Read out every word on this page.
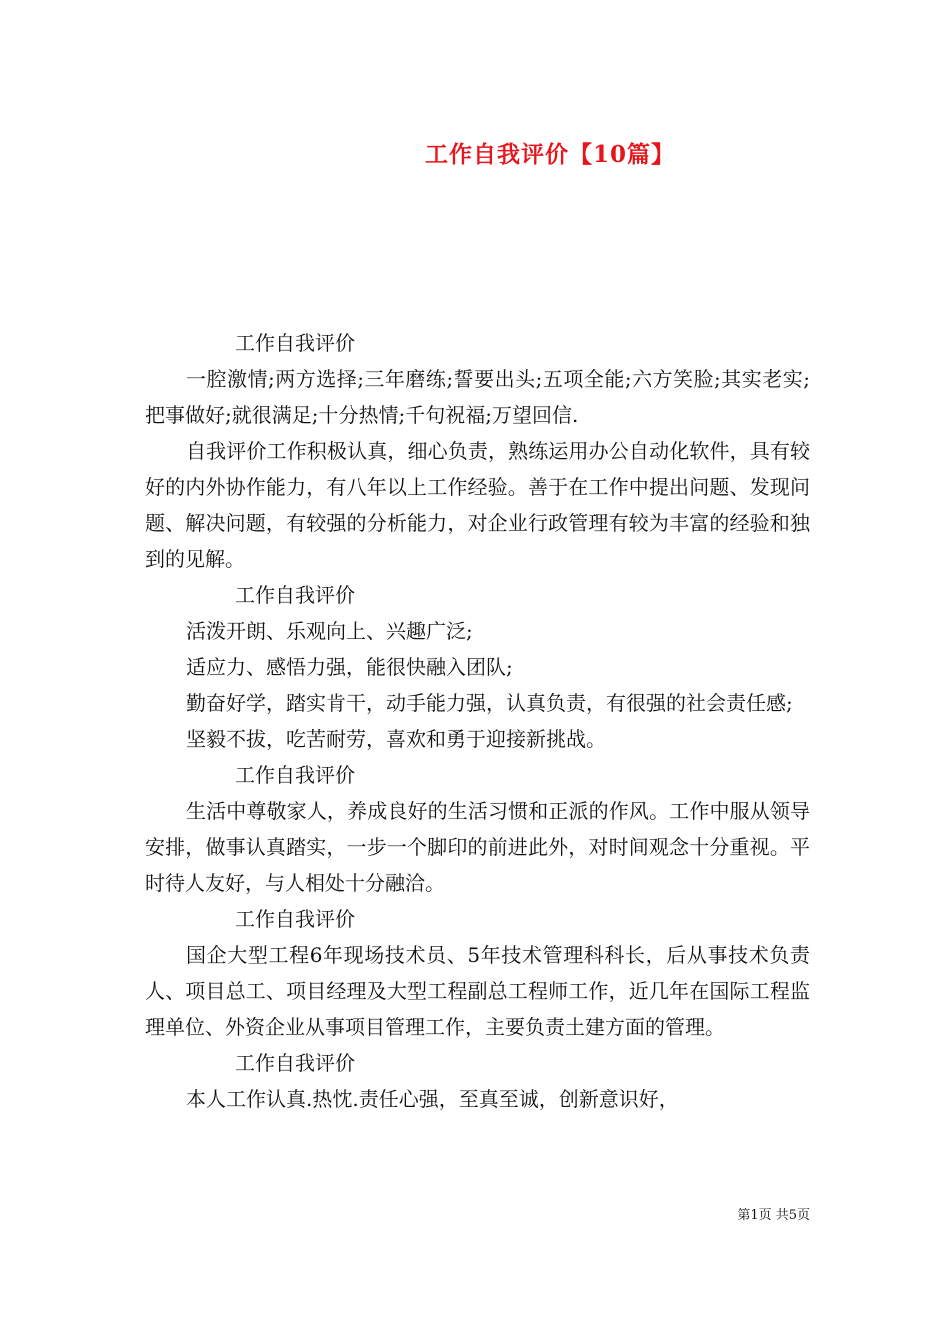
工作自我评价【10篇】

工作自我评价

一腔激情;两方选择;三年磨练;誓要出头;五项全能;六方笑脸;其实老实;把事做好;就很满足;十分热情;千句祝福;万望回信.

自我评价工作积极认真，细心负责，熟练运用办公自动化软件，具有较好的内外协作能力，有八年以上工作经验。善于在工作中提出问题、发现问题、解决问题，有较强的分析能力，对企业行政管理有较为丰富的经验和独到的见解。

工作自我评价

活泼开朗、乐观向上、兴趣广泛;

适应力、感悟力强，能很快融入团队;

勤奋好学，踏实肯干，动手能力强，认真负责，有很强的社会责任感;

坚毅不拔，吃苦耐劳，喜欢和勇于迎接新挑战。

工作自我评价

生活中尊敬家人，养成良好的生活习惯和正派的作风。工作中服从领导安排，做事认真踏实，一步一个脚印的前进此外，对时间观念十分重视。平时待人友好，与人相处十分融洽。

工作自我评价

国企大型工程6年现场技术员、5年技术管理科科长，后从事技术负责人、项目总工、项目经理及大型工程副总工程师工作，近几年在国际工程监理单位、外资企业从事项目管理工作，主要负责土建方面的管理。

工作自我评价

本人工作认真.热忱.责任心强，至真至诚，创新意识好，

第1页 共5页
